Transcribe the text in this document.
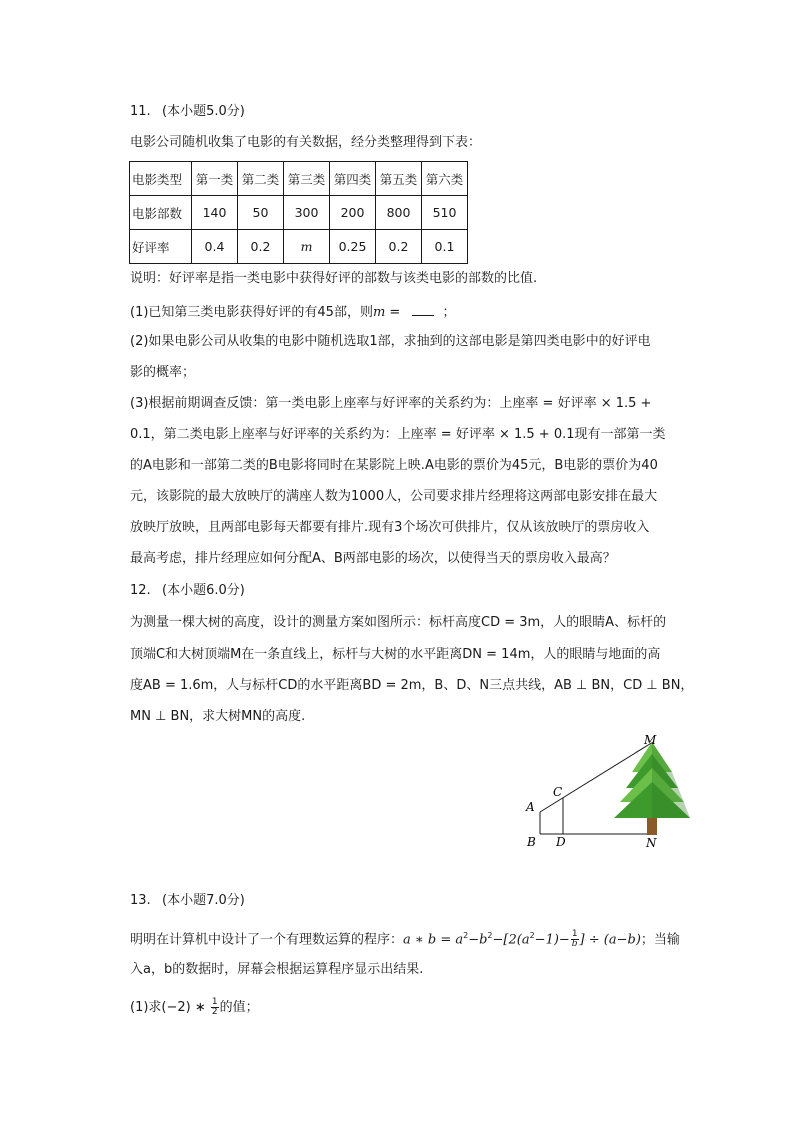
11. (本小题5.0分)
电影公司随机收集了电影的有关数据，经分类整理得到下表：
电影类型	第一类	第二类	第三类	第四类	第五类	第六类
电影部数	140	50	300	200	800	510
好评率	0.4	0.2	m	0.25	0.2	0.1
说明：好评率是指一类电影中获得好评的部数与该类电影的部数的比值.
(1)已知第三类电影获得好评的有45部，则m =	；
(2)如果电影公司从收集的电影中随机选取1部，求抽到的这部电影是第四类电影中的好评电
影的概率；
(3)根据前期调查反馈：第一类电影上座率与好评率的关系约为：上座率 = 好评率 × 1.5 +
0.1，第二类电影上座率与好评率的关系约为：上座率 = 好评率 × 1.5 + 0.1现有一部第一类
的A电影和一部第二类的B电影将同时在某影院上映.A电影的票价为45元，B电影的票价为40
元，该影院的最大放映厅的满座人数为1000人，公司要求排片经理将这两部电影安排在最大
放映厅放映，且两部电影每天都要有排片.现有3个场次可供排片，仅从该放映厅的票房收入
最高考虑，排片经理应如何分配A、B两部电影的场次，以使得当天的票房收入最高？
12. (本小题6.0分)
为测量一棵大树的高度，设计的测量方案如图所示：标杆高度CD = 3m，人的眼睛A、标杆的
顶端C和大树顶端M在一条直线上，标杆与大树的水平距离DN = 14m，人的眼睛与地面的高
度AB = 1.6m，人与标杆CD的水平距离BD = 2m，B、D、N三点共线，AB ⊥ BN，CD ⊥ BN，
MN ⊥ BN，求大树MN的高度.
M
C
A
B D	N
13. (本小题7.0分)
明明在计算机中设计了一个有理数运算的程序：a ∗ $b = a^2-b^2-[2(a^2-1)- \frac{1}{b}$ ] ÷ (a−b)；当输
入a，b的数据时，屏幕会根据运算程序显示出结果.
(1)求(−2) ∗ $\frac{1}{2}$ 的值；
